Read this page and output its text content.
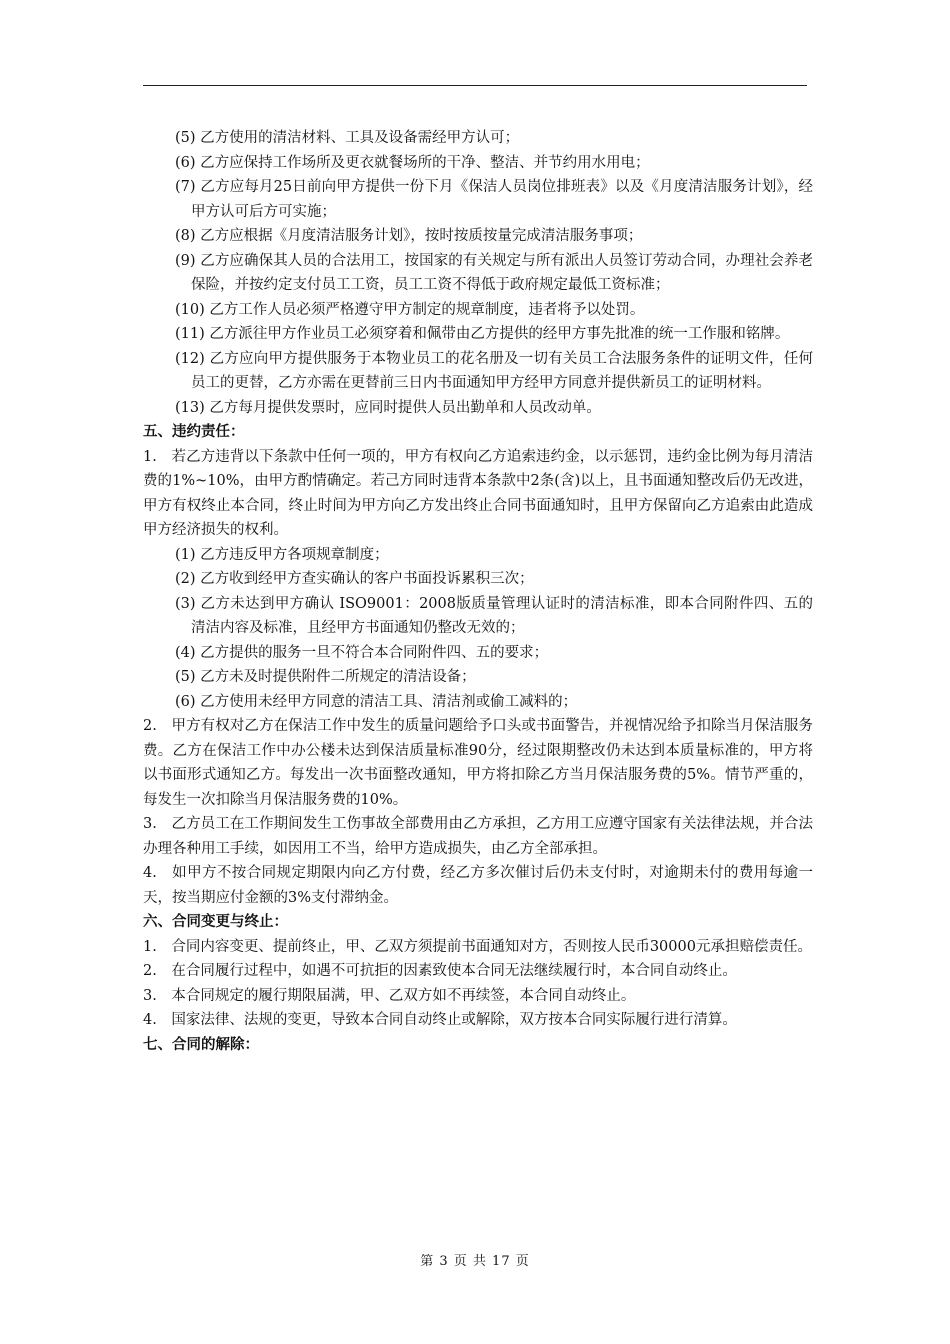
(5) 乙方使用的清洁材料、工具及设备需经甲方认可；

(6) 乙方应保持工作场所及更衣就餐场所的干净、整洁、并节约用水用电；

(7) 乙方应每月25日前向甲方提供一份下月《保洁人员岗位排班表》以及《月度清洁服务计划》，经甲方认可后方可实施；

(8) 乙方应根据《月度清洁服务计划》，按时按质按量完成清洁服务事项；

(9) 乙方应确保其人员的合法用工，按国家的有关规定与所有派出人员签订劳动合同，办理社会养老保险，并按约定支付员工工资，员工工资不得低于政府规定最低工资标准；

(10) 乙方工作人员必须严格遵守甲方制定的规章制度，违者将予以处罚。

(11) 乙方派往甲方作业员工必须穿着和佩带由乙方提供的经甲方事先批准的统一工作服和铭牌。

(12) 乙方应向甲方提供服务于本物业员工的花名册及一切有关员工合法服务条件的证明文件，任何员工的更替，乙方亦需在更替前三日内书面通知甲方经甲方同意并提供新员工的证明材料。

(13) 乙方每月提供发票时，应同时提供人员出勤单和人员改动单。

五、违约责任：

1.　若乙方违背以下条款中任何一项的，甲方有权向乙方追索违约金，以示惩罚，违约金比例为每月清洁费的1%~10%，由甲方酌情确定。若己方同时违背本条款中2条(含)以上，且书面通知整改后仍无改进，甲方有权终止本合同，终止时间为甲方向乙方发出终止合同书面通知时，且甲方保留向乙方追索由此造成甲方经济损失的权利。

(1) 乙方违反甲方各项规章制度；

(2) 乙方收到经甲方查实确认的客户书面投诉累积三次；

(3) 乙方未达到甲方确认 ISO9001：2008版质量管理认证时的清洁标准，即本合同附件四、五的清洁内容及标准，且经甲方书面通知仍整改无效的；

(4) 乙方提供的服务一旦不符合本合同附件四、五的要求；

(5) 乙方未及时提供附件二所规定的清洁设备；

(6) 乙方使用未经甲方同意的清洁工具、清洁剂或偷工减料的；

2.　甲方有权对乙方在保洁工作中发生的质量问题给予口头或书面警告，并视情况给予扣除当月保洁服务费。乙方在保洁工作中办公楼未达到保洁质量标准90分，经过限期整改仍未达到本质量标准的，甲方将以书面形式通知乙方。每发出一次书面整改通知，甲方将扣除乙方当月保洁服务费的5%。情节严重的，每发生一次扣除当月保洁服务费的10%。

3.　乙方员工在工作期间发生工伤事故全部费用由乙方承担，乙方用工应遵守国家有关法律法规，并合法办理各种用工手续，如因用工不当，给甲方造成损失，由乙方全部承担。

4.　如甲方不按合同规定期限内向乙方付费，经乙方多次催讨后仍未支付时，对逾期未付的费用每逾一天，按当期应付金额的3%支付滞纳金。

六、合同变更与终止：

1.　合同内容变更、提前终止，甲、乙双方须提前书面通知对方，否则按人民币30000元承担赔偿责任。

2.　在合同履行过程中，如遇不可抗拒的因素致使本合同无法继续履行时，本合同自动终止。

3.　本合同规定的履行期限届满，甲、乙双方如不再续签，本合同自动终止。

4.　国家法律、法规的变更，导致本合同自动终止或解除，双方按本合同实际履行进行清算。

七、合同的解除：

第 3 页 共 17 页
